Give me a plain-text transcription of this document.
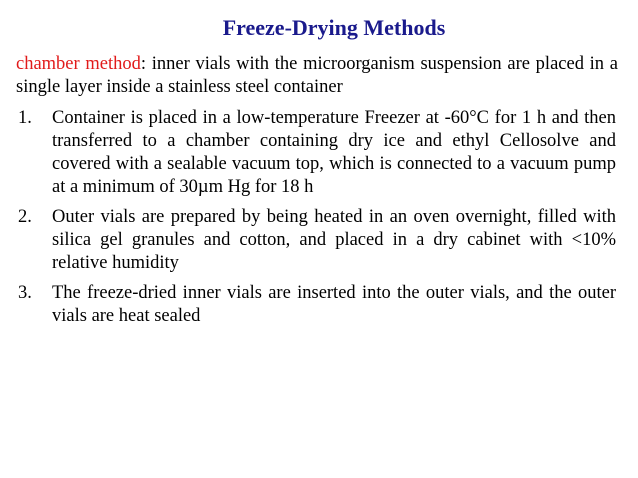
Freeze-Drying Methods
chamber method: inner vials with the microorganism suspension are placed in a single layer inside a stainless steel container
1. Container is placed in a low-temperature Freezer at -60°C for 1 h and then transferred to a chamber containing dry ice and ethyl Cellosolve and covered with a sealable vacuum top, which is connected to a vacuum pump at a minimum of 30µm Hg for 18 h
2. Outer vials are prepared by being heated in an oven overnight, filled with silica gel granules and cotton, and placed in a dry cabinet with <10% relative humidity
3. The freeze-dried inner vials are inserted into the outer vials, and the outer vials are heat sealed
